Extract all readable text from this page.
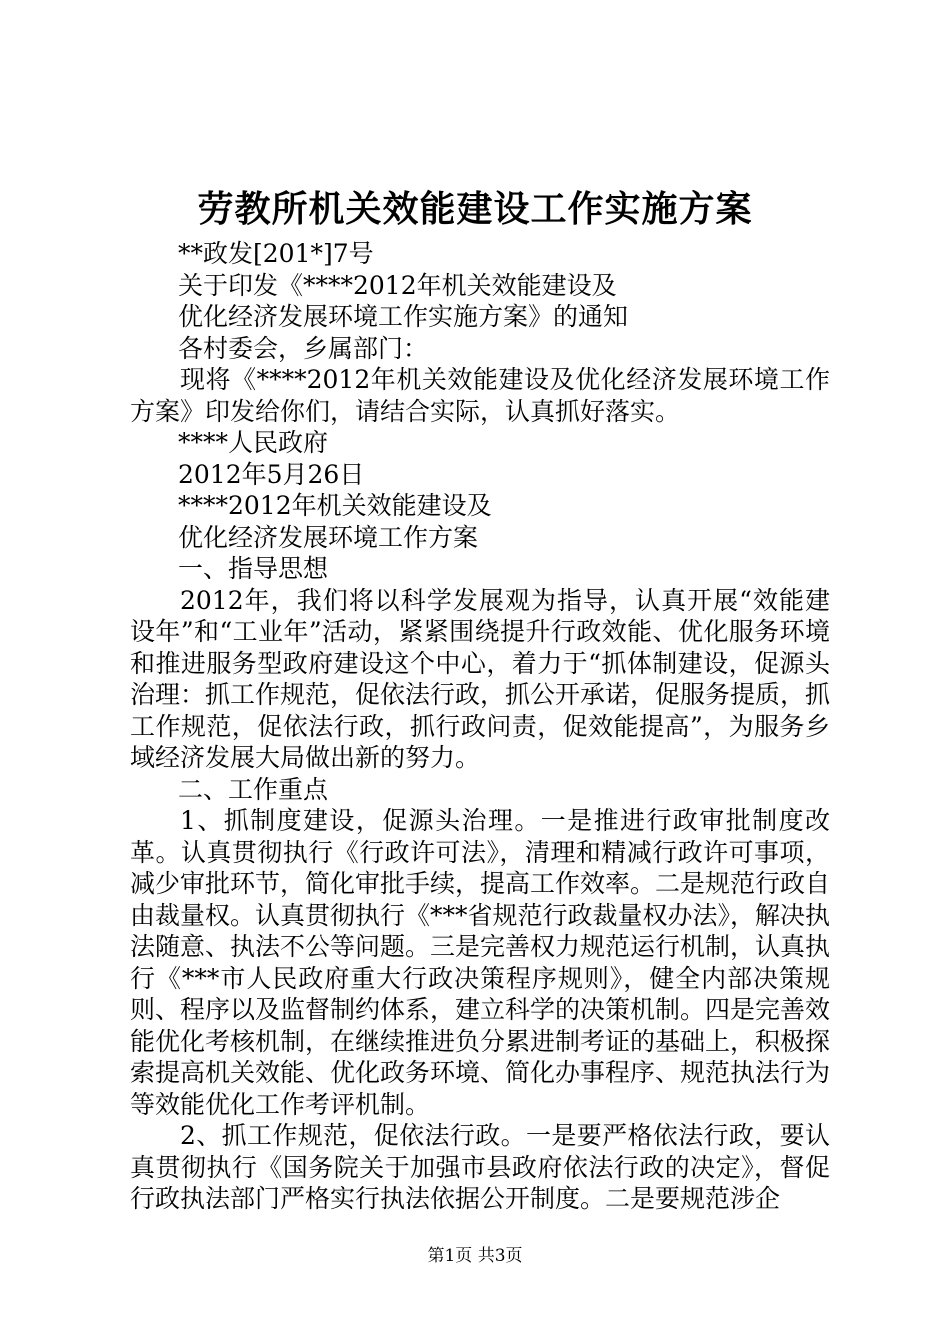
劳教所机关效能建设工作实施方案

**政发[201*]7号

关于印发《****2012年机关效能建设及

优化经济发展环境工作实施方案》的通知

各村委会，乡属部门：

现将《****2012年机关效能建设及优化经济发展环境工作方案》印发给你们，请结合实际，认真抓好落实。

****人民政府

2012年5月26日

****2012年机关效能建设及

优化经济发展环境工作方案

一、指导思想

2012年，我们将以科学发展观为指导，认真开展“效能建设年”和“工业年”活动，紧紧围绕提升行政效能、优化服务环境和推进服务型政府建设这个中心，着力于“抓体制建设，促源头治理：抓工作规范，促依法行政，抓公开承诺，促服务提质，抓工作规范，促依法行政，抓行政问责，促效能提高”，为服务乡域经济发展大局做出新的努力。

二、工作重点

1、抓制度建设，促源头治理。一是推进行政审批制度改革。认真贯彻执行《行政许可法》，清理和精减行政许可事项，减少审批环节，简化审批手续，提高工作效率。二是规范行政自由裁量权。认真贯彻执行《***省规范行政裁量权办法》，解决执法随意、执法不公等问题。三是完善权力规范运行机制，认真执行《***市人民政府重大行政决策程序规则》，健全内部决策规则、程序以及监督制约体系，建立科学的决策机制。四是完善效能优化考核机制，在继续推进负分累进制考证的基础上，积极探索提高机关效能、优化政务环境、简化办事程序、规范执法行为等效能优化工作考评机制。

2、抓工作规范，促依法行政。一是要严格依法行政，要认真贯彻执行《国务院关于加强市县政府依法行政的决定》，督促行政执法部门严格实行执法依据公开制度。二是要规范涉企

第1页 共3页
